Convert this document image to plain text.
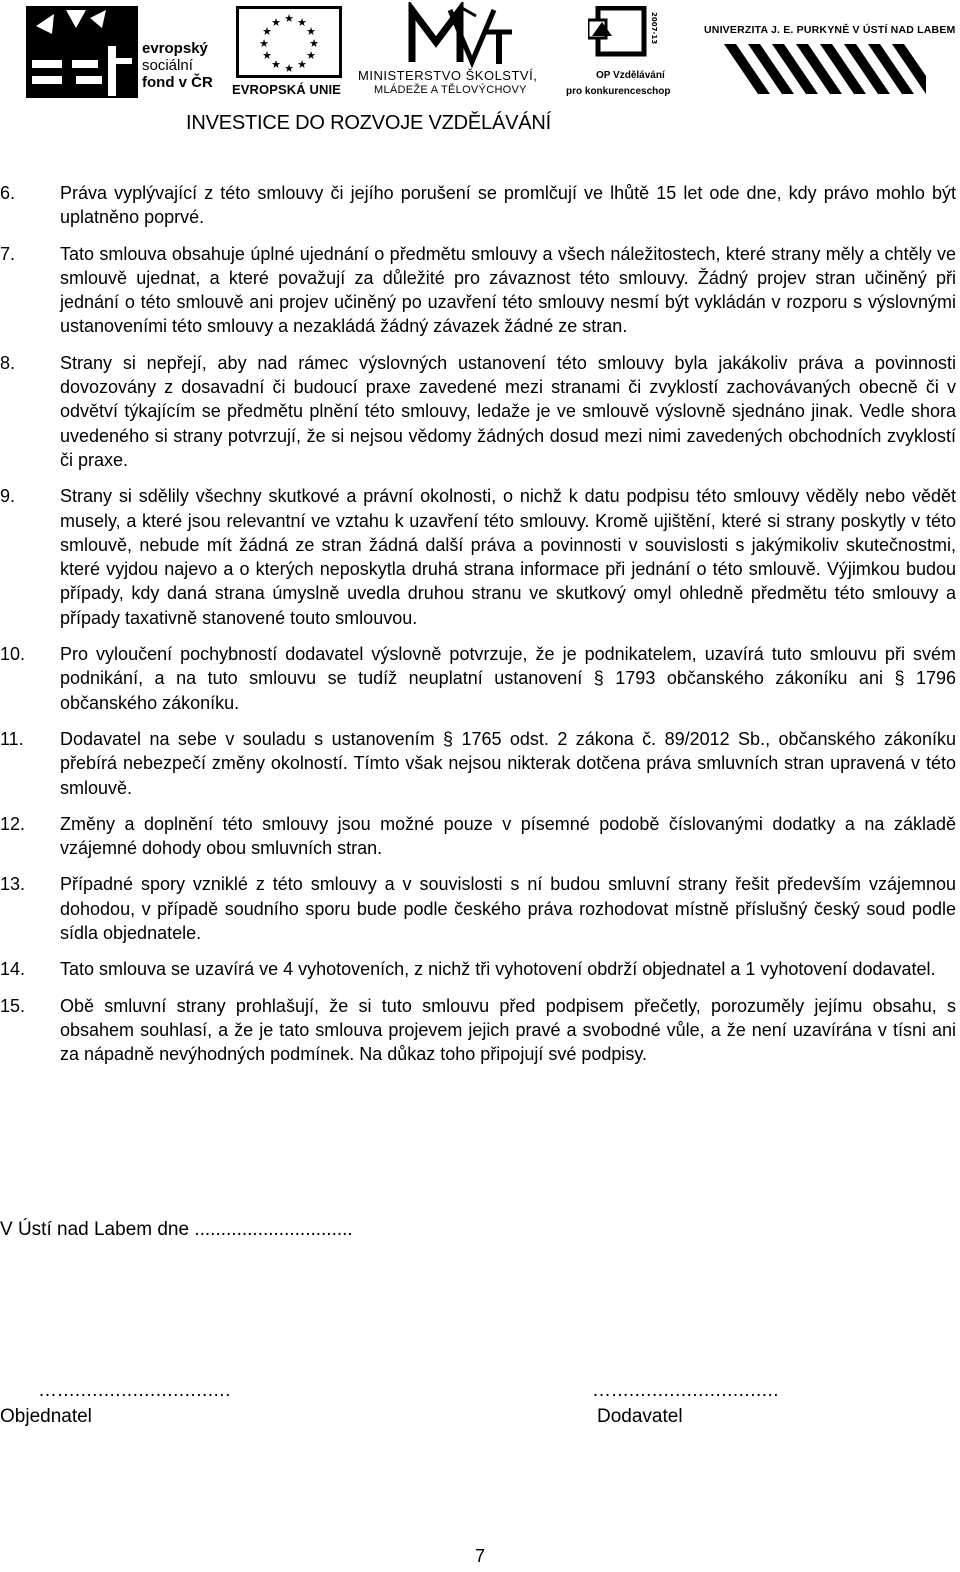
evropský
sociální
fond v ČR
★ ★
★
★
★
★
★
★
★
★
★
★
EVROPSKÁ UNIE
MINISTERSTVO ŠKOLSTVÍ,
MLÁDEŽE A TĚLOVÝCHOVY
2007-13
OP Vzdělávání
pro konkurenceschop
UNIVERZITA J. E. PURKYNĚ V ÚSTÍ NAD LABEM
INVESTICE DO ROZVOJE VZDĚLÁVÁNÍ
6.	Práva vyplývající z této smlouvy či jejího porušení se promlčují ve lhůtě 15 let ode dne, kdy právo mohlo být uplatněno poprvé.
7.	Tato smlouva obsahuje úplné ujednání o předmětu smlouvy a všech náležitostech, které strany měly a chtěly ve smlouvě ujednat, a které považují za důležité pro závaznost této smlouvy. Žádný projev stran učiněný při jednání o této smlouvě ani projev učiněný po uzavření této smlouvy nesmí být vykládán v rozporu s výslovnými ustanoveními této smlouvy a nezakládá žádný závazek žádné ze stran.
8.	Strany si nepřejí, aby nad rámec výslovných ustanovení této smlouvy byla jakákoliv práva a povinnosti dovozovány z dosavadní či budoucí praxe zavedené mezi stranami či zvyklostí zachovávaných obecně či v odvětví týkajícím se předmětu plnění této smlouvy, ledaže je ve smlouvě výslovně sjednáno jinak. Vedle shora uvedeného si strany potvrzují, že si nejsou vědomy žádných dosud mezi nimi zavedených obchodních zvyklostí či praxe.
9.	Strany si sdělily všechny skutkové a právní okolnosti, o nichž k datu podpisu této smlouvy věděly nebo vědět musely, a které jsou relevantní ve vztahu k uzavření této smlouvy. Kromě ujištění, které si strany poskytly v této smlouvě, nebude mít žádná ze stran žádná další práva a povinnosti v souvislosti s jakýmikoliv skutečnostmi, které vyjdou najevo a o kterých neposkytla druhá strana informace při jednání o této smlouvě. Výjimkou budou případy, kdy daná strana úmyslně uvedla druhou stranu ve skutkový omyl ohledně předmětu této smlouvy a případy taxativně stanovené touto smlouvou.
10.	Pro vyloučení pochybností dodavatel výslovně potvrzuje, že je podnikatelem, uzavírá tuto smlouvu při svém podnikání, a na tuto smlouvu se tudíž neuplatní ustanovení § 1793 občanského zákoníku ani § 1796 občanského zákoníku.
11.	Dodavatel na sebe v souladu s ustanovením § 1765 odst. 2 zákona č. 89/2012 Sb., občanského zákoníku přebírá nebezpečí změny okolností. Tímto však nejsou nikterak dotčena práva smluvních stran upravená v této smlouvě.
12.	Změny a doplnění této smlouvy jsou možné pouze v písemné podobě číslovanými dodatky a na základě vzájemné dohody obou smluvních stran.
13.	Případné spory vzniklé z této smlouvy a v souvislosti s ní budou smluvní strany řešit především vzájemnou dohodou, v případě soudního sporu bude podle českého práva rozhodovat místně příslušný český soud podle sídla objednatele.
14.	Tato smlouva se uzavírá ve 4 vyhotoveních, z nichž tři vyhotovení obdrží objednatel a 1 vyhotovení dodavatel.
15.	Obě smluvní strany prohlašují, že si tuto smlouvu před podpisem přečetly, porozuměly jejímu obsahu, s obsahem souhlasí, a že je tato smlouva projevem jejich pravé a svobodné vůle, a že není uzavírána v tísni ani za nápadně nevýhodných podmínek. Na důkaz toho připojují své podpisy.
V Ústí nad Labem dne ..............................
…..............................
Objednatel
….............................
Dodavatel
7
